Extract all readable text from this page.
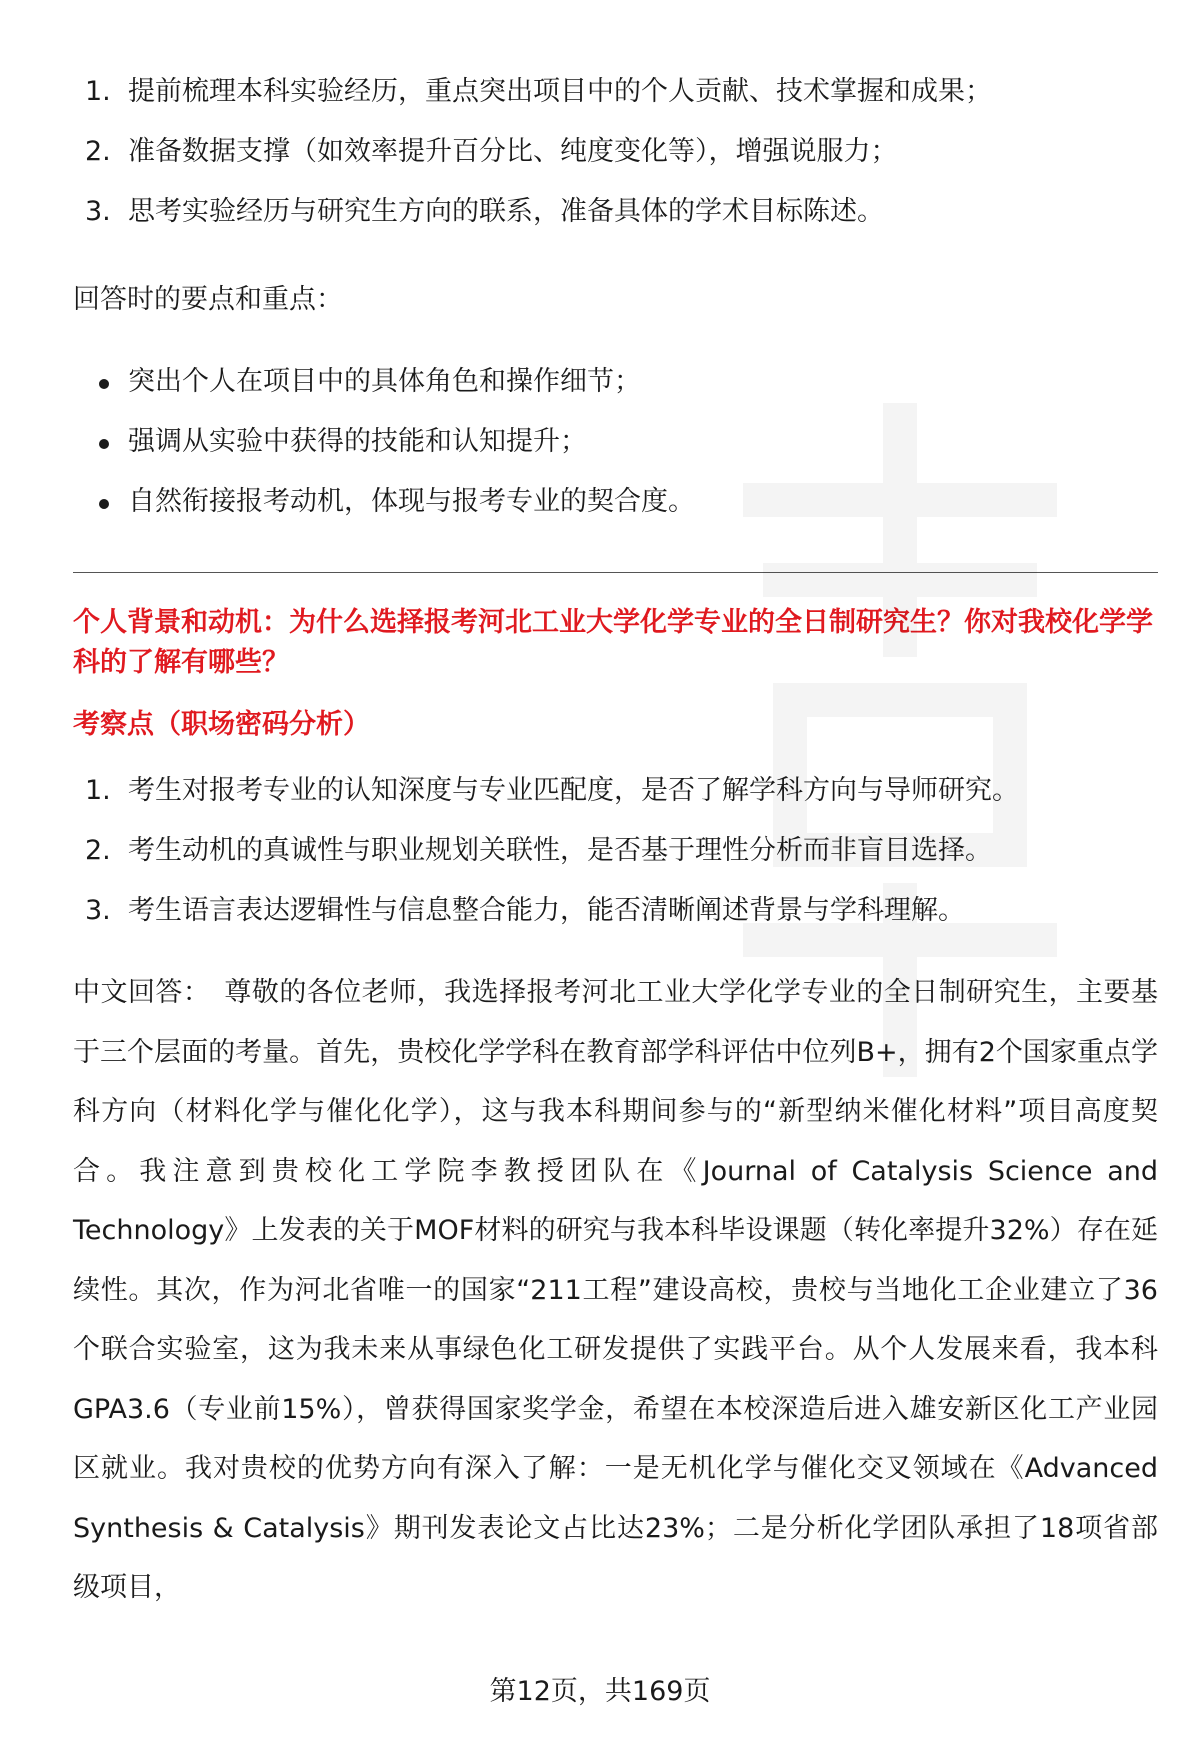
1. 提前梳理本科实验经历，重点突出项目中的个人贡献、技术掌握和成果；
2. 准备数据支撑（如效率提升百分比、纯度变化等），增强说服力；
3. 思考实验经历与研究生方向的联系，准备具体的学术目标陈述。
回答时的要点和重点：
突出个人在项目中的具体角色和操作细节；
强调从实验中获得的技能和认知提升；
自然衔接报考动机，体现与报考专业的契合度。

个人背景和动机：为什么选择报考河北工业大学化学专业的全日制研究生？你对我校化学学科的了解有哪些？

考察点（职场密码分析）
1. 考生对报考专业的认知深度与专业匹配度，是否了解学科方向与导师研究。
2. 考生动机的真诚性与职业规划关联性，是否基于理性分析而非盲目选择。
3. 考生语言表达逻辑性与信息整合能力，能否清晰阐述背景与学科理解。

中文回答： 尊敬的各位老师，我选择报考河北工业大学化学专业的全日制研究生，主要基于三个层面的考量。首先，贵校化学学科在教育部学科评估中位列B+，拥有2个国家重点学科方向（材料化学与催化化学），这与我本科期间参与的“新型纳米催化材料”项目高度契合。我注意到贵校化工学院李教授团队在《Journal of Catalysis Science and Technology》上发表的关于MOF材料的研究与我本科毕设课题（转化率提升32%）存在延续性。其次，作为河北省唯一的国家“211工程”建设高校，贵校与当地化工企业建立了36个联合实验室，这为我未来从事绿色化工研发提供了实践平台。从个人发展来看，我本科GPA3.6（专业前15%），曾获得国家奖学金，希望在本校深造后进入雄安新区化工产业园区就业。我对贵校的优势方向有深入了解：一是无机化学与催化交叉领域在《Advanced Synthesis & Catalysis》期刊发表论文占比达23%；二是分析化学团队承担了18项省部级项目，

第12页，共169页
